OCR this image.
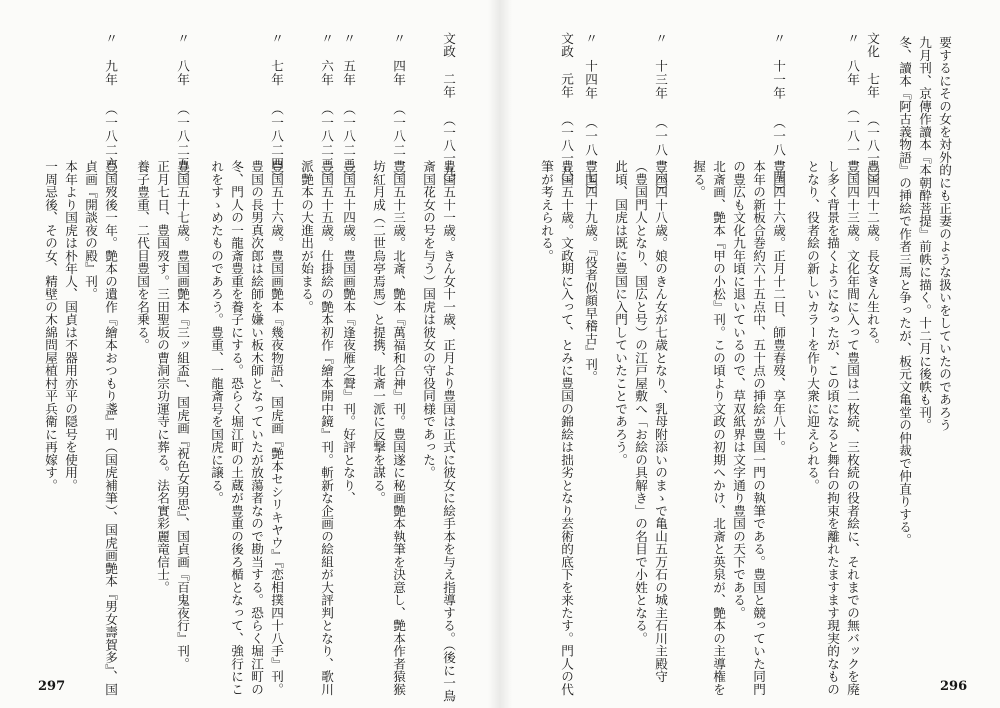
要するにその女を対外的にも正妻のような扱いをしていたのであろう
九月刊、京傳作讀本『本朝酔菩提』前帙に描く。十二月に後帙も刊。
冬、讀本『阿古義物語』の挿絵で作者三馬と争ったが、板元文亀堂の仲裁で仲直りする。
文化 七年 （一八一〇）
豊国四十二歳。長女きん生れる。
〃　八年 （一八一一）
豊国四十三歳。文化年間に入って豊国は二枚続、三枚続の役者絵に、それまでの無バックを廃
し多く背景を描くようになったが、この頃になると舞台の拘束を離れたますます現実的なもの
となり、役者絵の新しいカラーを作り大衆に迎えられる。
〃　十一年 （一八一四）
豊国四十六歳。正月十二日、師豊春歿、享年八十。
本年の新板合巻約六十五点中、五十点の挿絵が豊国一門の執筆である。豊国と競っていた同門
の豊広も文化九年頃に退いているので、草双紙界は文字通り豊国の天下である。
北斎画、艶本『甲の小松』刊。この頃より文政の初期へかけ、北斎と英泉が、艶本の主導権を
握る。
〃　十三年 （一八一六）
豊国四十八歳。娘のきん女が七歳となり、乳母附添いのまゝで亀山五万石の城主石川主殿守
（豊国門人となり、国広と号）の江戸屋敷へ「お絵の具解き」の名目で小姓となる。
此頃、国虎は既に豊国に入門していたことであろう。
〃　十四年 （一八一七）
豊国四十九歳。『役者似顔早稽古』刊。
文政 元年 （一八一八）
豊国五十歳。文政期に入って、とみに豊国の錦絵は拙劣となり芸術的底下を来たす。門人の代
筆が考えられる。
文政 二年 （一八一九）
豊国五十一歳。きん女十一歳、正月より豊国は正式に彼女に絵手本を与え指導する。（後に一鳥
斎国花女の号を与う）国虎は彼女の守役同様であった。
〃　四年 （一八二一）
豊国五十三歳。北斎、艶本『萬福和合神』刊。豊国遂に秘画艶本執筆を決意し、艶本作者猿猴
坊紅月成（二世烏亭焉馬）と提携、北斎一派に反撃を謀る。
〃　五年 （一八二二）
豊国五十四歳。豊国画艶本『逢夜雁之聲』刊。好評となり、
〃　六年 （一八二三）
豊国五十五歳。仕掛絵の艶本初作『繪本開中鏡』刊。斬新な企画の絵組が大評判となり、歌川
派艶本の大進出が始まる。
〃　七年 （一八二四）
豊国五十六歳。豊国画艶本『幾夜物語』、国虎画『艶本セシリキヤウ』『恋相撲四十八手』刊。
豊国の長男真次郎は絵師を嫌い板木師となっていたが放蕩者なので勘当する。恐らく堀江町の
冬、門人の一龍斎豊重を養子にする。恐らく堀江町の土蔵が豊重の後ろ楯となって、強行にこ
れをすゝめたものであろう。豊重、一龍斎号を国虎に譲る。
〃　八年 （一八二五）
豊国五十七歳。豊国画艶本『三ッ組盃』、国虎画『祝色女男思』、国貞画『百鬼夜行』刊。
正月七日、豊国歿す。三田聖坂の曹洞宗功運寺に葬る。法名實彩麗竜信士。
養子豊重、二代目豊国を名乗る。
〃　九年 （一八二六）
豊国歿後一年。艶本の遺作『繪本おつもり盞』刊（国虎補筆）、国虎画艶本『男女壽賀多』、国
貞画『開談夜の殿』刊。
本年より国虎は朴年人、国貞は不器用亦平の隠号を使用。
一周忌後、その女、精壁の木綿問屋植村平兵衛に再嫁す。
297	296
